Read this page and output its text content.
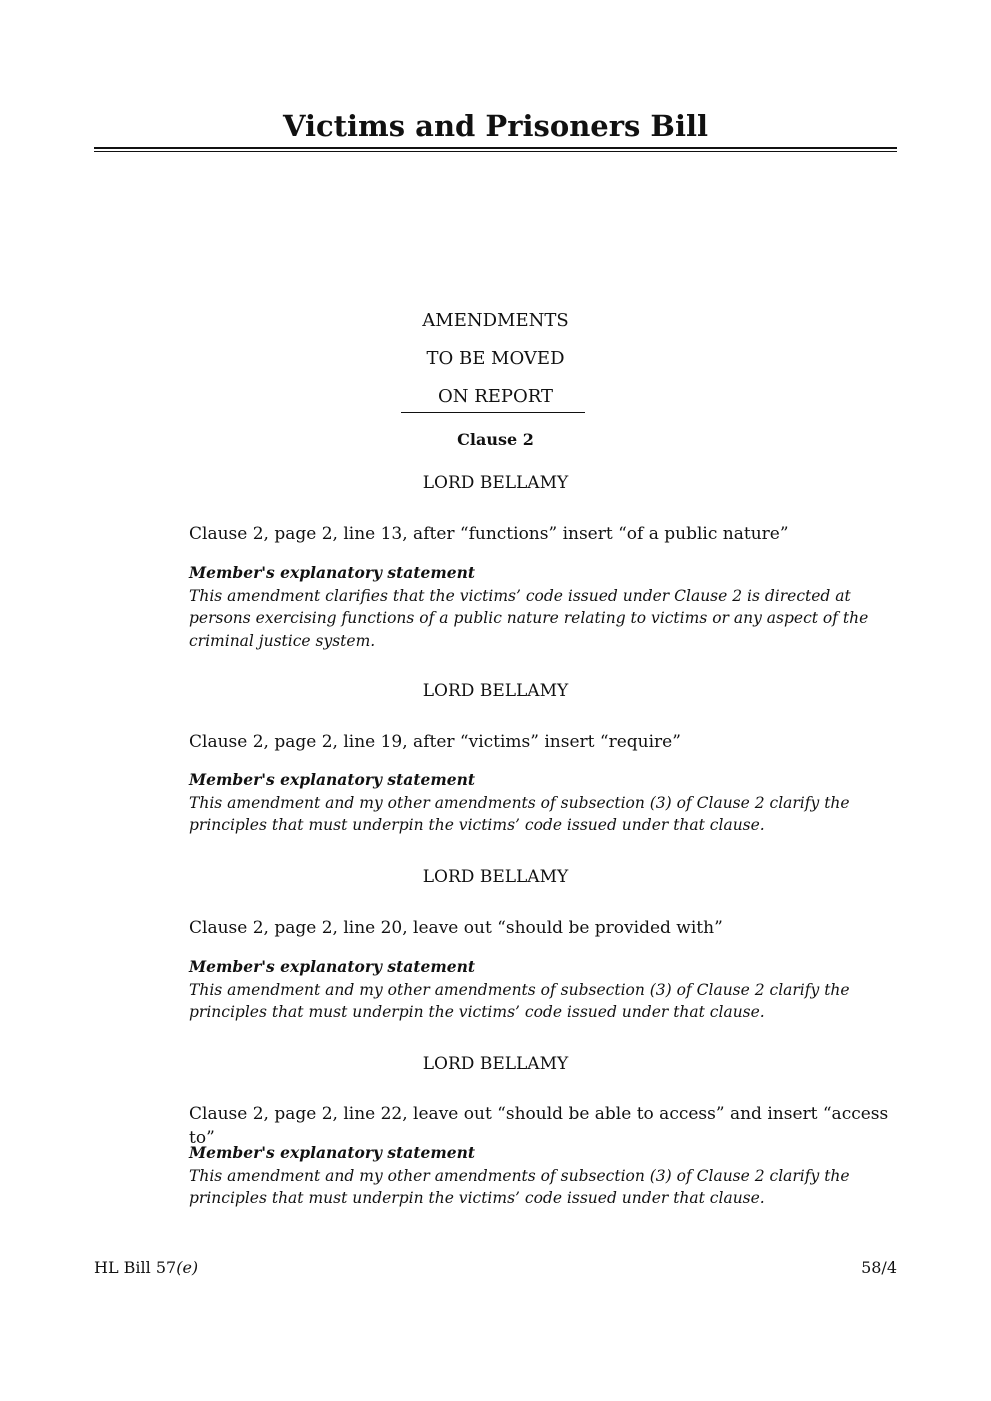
Victims and Prisoners Bill
AMENDMENTS
TO BE MOVED
ON REPORT
Clause 2
LORD BELLAMY
Clause 2, page 2, line 13, after “functions” insert “of a public nature”
Member's explanatory statement
This amendment clarifies that the victims’ code issued under Clause 2 is directed at persons exercising functions of a public nature relating to victims or any aspect of the criminal justice system.
LORD BELLAMY
Clause 2, page 2, line 19, after “victims” insert “require”
Member's explanatory statement
This amendment and my other amendments of subsection (3) of Clause 2 clarify the principles that must underpin the victims’ code issued under that clause.
LORD BELLAMY
Clause 2, page 2, line 20, leave out “should be provided with”
Member's explanatory statement
This amendment and my other amendments of subsection (3) of Clause 2 clarify the principles that must underpin the victims’ code issued under that clause.
LORD BELLAMY
Clause 2, page 2, line 22, leave out “should be able to access” and insert “access to”
Member's explanatory statement
This amendment and my other amendments of subsection (3) of Clause 2 clarify the principles that must underpin the victims’ code issued under that clause.
HL Bill 57(e)	58/4
